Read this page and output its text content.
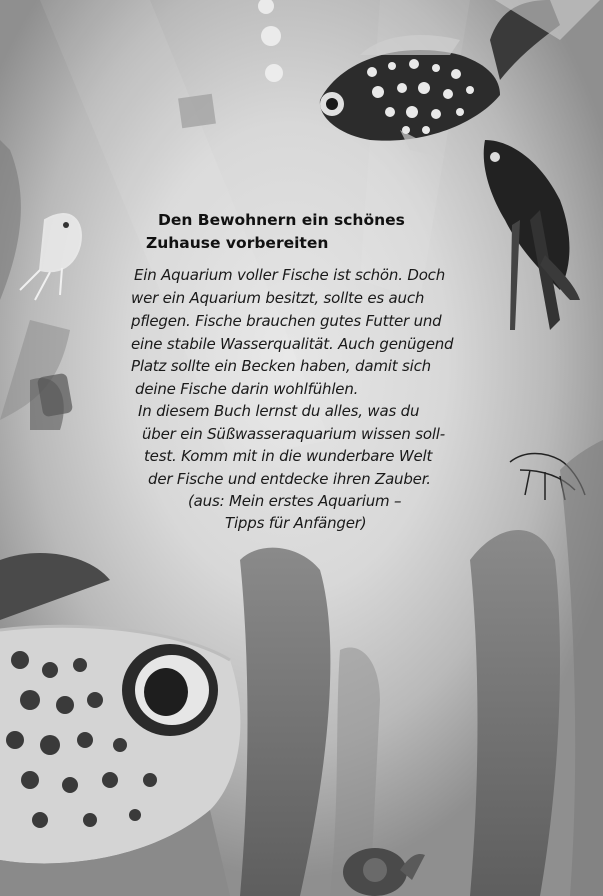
Den Bewohnern ein schönes
Zuhause vorbereiten
Ein Aquarium voller Fische ist schön. Doch
wer ein Aquarium besitzt, sollte es auch
pflegen. Fische brauchen gutes Futter und
eine stabile Wasserqualität. Auch genügend
Platz sollte ein Becken haben, damit sich
deine Fische darin wohlfühlen.
In diesem Buch lernst du alles, was du
über ein Süßwasseraquarium wissen soll-
test. Komm mit in die wunderbare Welt
der Fische und entdecke ihren Zauber.
(aus: Mein erstes Aquarium –
Tipps für Anfänger)
